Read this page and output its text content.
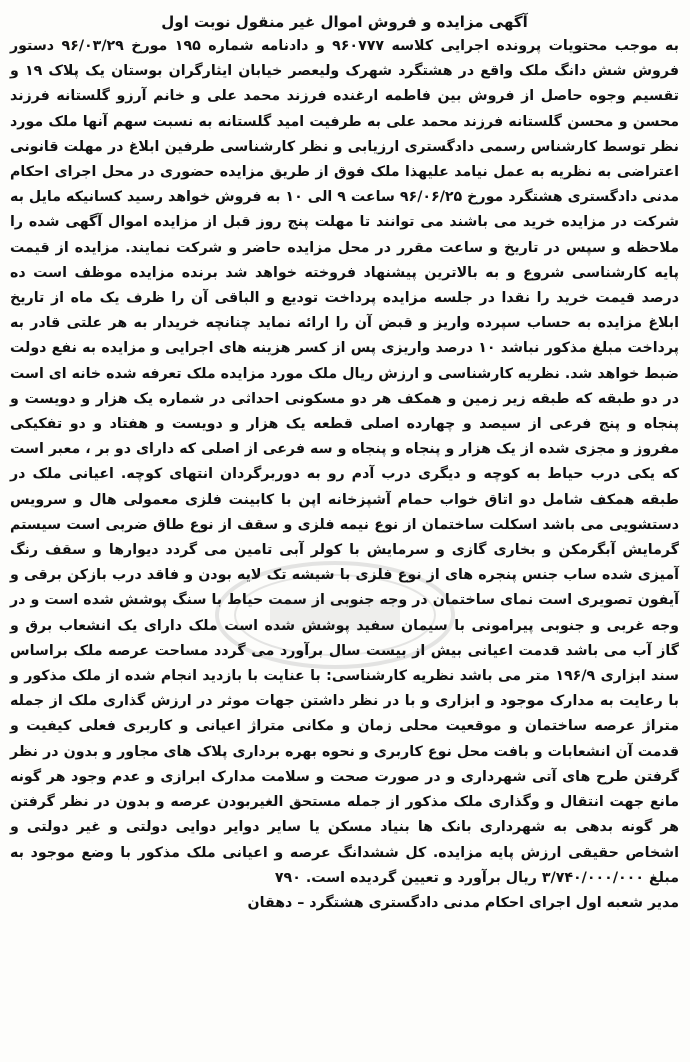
آگهی مزایده و فروش اموال غیر منقول نوبت اول

به موجب محتویات پرونده اجرایی کلاسه ۹۶۰۷۷۷ و دادنامه شماره ۱۹۵ مورخ ۹۶/۰۳/۲۹ دستور فروش شش دانگ ملک واقع در هشتگرد شهرک ولیعصر خیابان ایثارگران بوستان یک پلاک ۱۹ و تقسیم وجوه حاصل از فروش بین فاطمه ارغنده فرزند محمد علی و خانم آرزو گلستانه فرزند محسن و محسن گلستانه فرزند محمد علی به طرفیت امید گلستانه به نسبت سهم آنها ملک مورد نظر توسط کارشناس رسمی دادگستری ارزیابی و نظر کارشناسی طرفین ابلاغ در مهلت قانونی اعتراضی به نظریه به عمل نیامد علیهذا ملک فوق از طریق مزایده حضوری در محل اجرای احکام مدنی دادگستری هشتگرد مورخ ۹۶/۰۶/۲۵ ساعت ۹ الی ۱۰ به فروش خواهد رسید کسانیکه مایل به شرکت در مزایده خرید می باشند می توانند تا مهلت پنج روز قبل از مزایده اموال آگهی شده را ملاحظه و سپس در تاریخ و ساعت مقرر در محل مزایده حاضر و شرکت نمایند. مزایده از قیمت پایه کارشناسی شروع و به بالاترین پیشنهاد فروخته خواهد شد برنده مزایده موظف است ده درصد قیمت خرید را نقدا در جلسه مزایده پرداخت تودیع و الباقی آن را ظرف یک ماه از تاریخ ابلاغ مزایده به حساب سپرده واریز و قبض آن را ارائه نماید چنانچه خریدار به هر علتی قادر به پرداخت مبلغ مذکور نباشد ۱۰ درصد واریزی پس از کسر هزینه های اجرایی و مزایده به نفع دولت ضبط خواهد شد. نظریه کارشناسی و ارزش ریال ملک مورد مزایده ملک تعرفه شده خانه ای است در دو طبقه که طبقه زیر زمین و همکف هر دو مسکونی احداثی در شماره یک هزار و دویست و پنجاه و پنج فرعی از سیصد و چهارده اصلی قطعه یک هزار و دویست و هفتاد و دو تفکیکی مفروز و مجزی شده از یک هزار و پنجاه و پنجاه و سه فرعی از اصلی که دارای دو بر ، معبر است که یکی درب حیاط به کوچه و دیگری درب آدم رو به دوربرگردان انتهای کوچه. اعیانی ملک در طبقه همکف شامل دو اتاق خواب حمام آشپزخانه اپن با کابینت فلزی معمولی هال و سرویس دستشویی می باشد اسکلت ساختمان از نوع نیمه فلزی و سقف از نوع طاق ضربی است سیستم گرمایش آبگرمکن و بخاری گازی و سرمایش با کولر آبی تامین می گردد دیوارها و سقف رنگ آمیزی شده ساب جنس پنجره های از نوع فلزی با شیشه تک لایه بودن و فاقد درب بازکن برقی و آیفون تصویری است نمای ساختمان در وجه جنوبی از سمت حیاط با سنگ پوشش شده است و در وجه غربی و جنوبی پیرامونی با سیمان سفید پوشش شده است ملک دارای یک انشعاب برق و گاز آب می باشد قدمت اعیانی بیش از بیست سال برآورد می گردد مساحت عرصه ملک براساس سند ابزاری ۱۹۶/۹ متر می باشد نظریه کارشناسی: با عنایت با بازدید انجام شده از ملک مذکور و با رعایت به مدارک موجود و ابزاری و با در نظر داشتن جهات موثر در ارزش گذاری ملک از جمله متراژ عرصه ساختمان و موقعیت محلی زمان و مکانی متراژ اعیانی و کاربری فعلی کیفیت و قدمت آن انشعابات و بافت محل نوع کاربری و نحوه بهره برداری پلاک های مجاور و بدون در نظر گرفتن طرح های آتی شهرداری و در صورت صحت و سلامت مدارک ابرازی و عدم وجود هر گونه مانع جهت انتقال و وگذاری ملک مذکور از جمله مستحق الغیربودن عرصه و بدون در نظر گرفتن هر گونه بدهی به شهرداری بانک ها بنیاد مسکن یا سایر دوایر دوایی دولتی و غیر دولتی و اشخاص حقیقی ارزش پایه مزایده. کل ششدانگ عرصه و اعیانی ملک مذکور با وضع موجود به مبلغ ۳/۷۴۰/۰۰۰/۰۰۰ ریال برآورد و تعیین گردیده است. ۷۹۰

مدیر شعبه اول اجرای احکام مدنی دادگستری هشتگرد – دهقان
